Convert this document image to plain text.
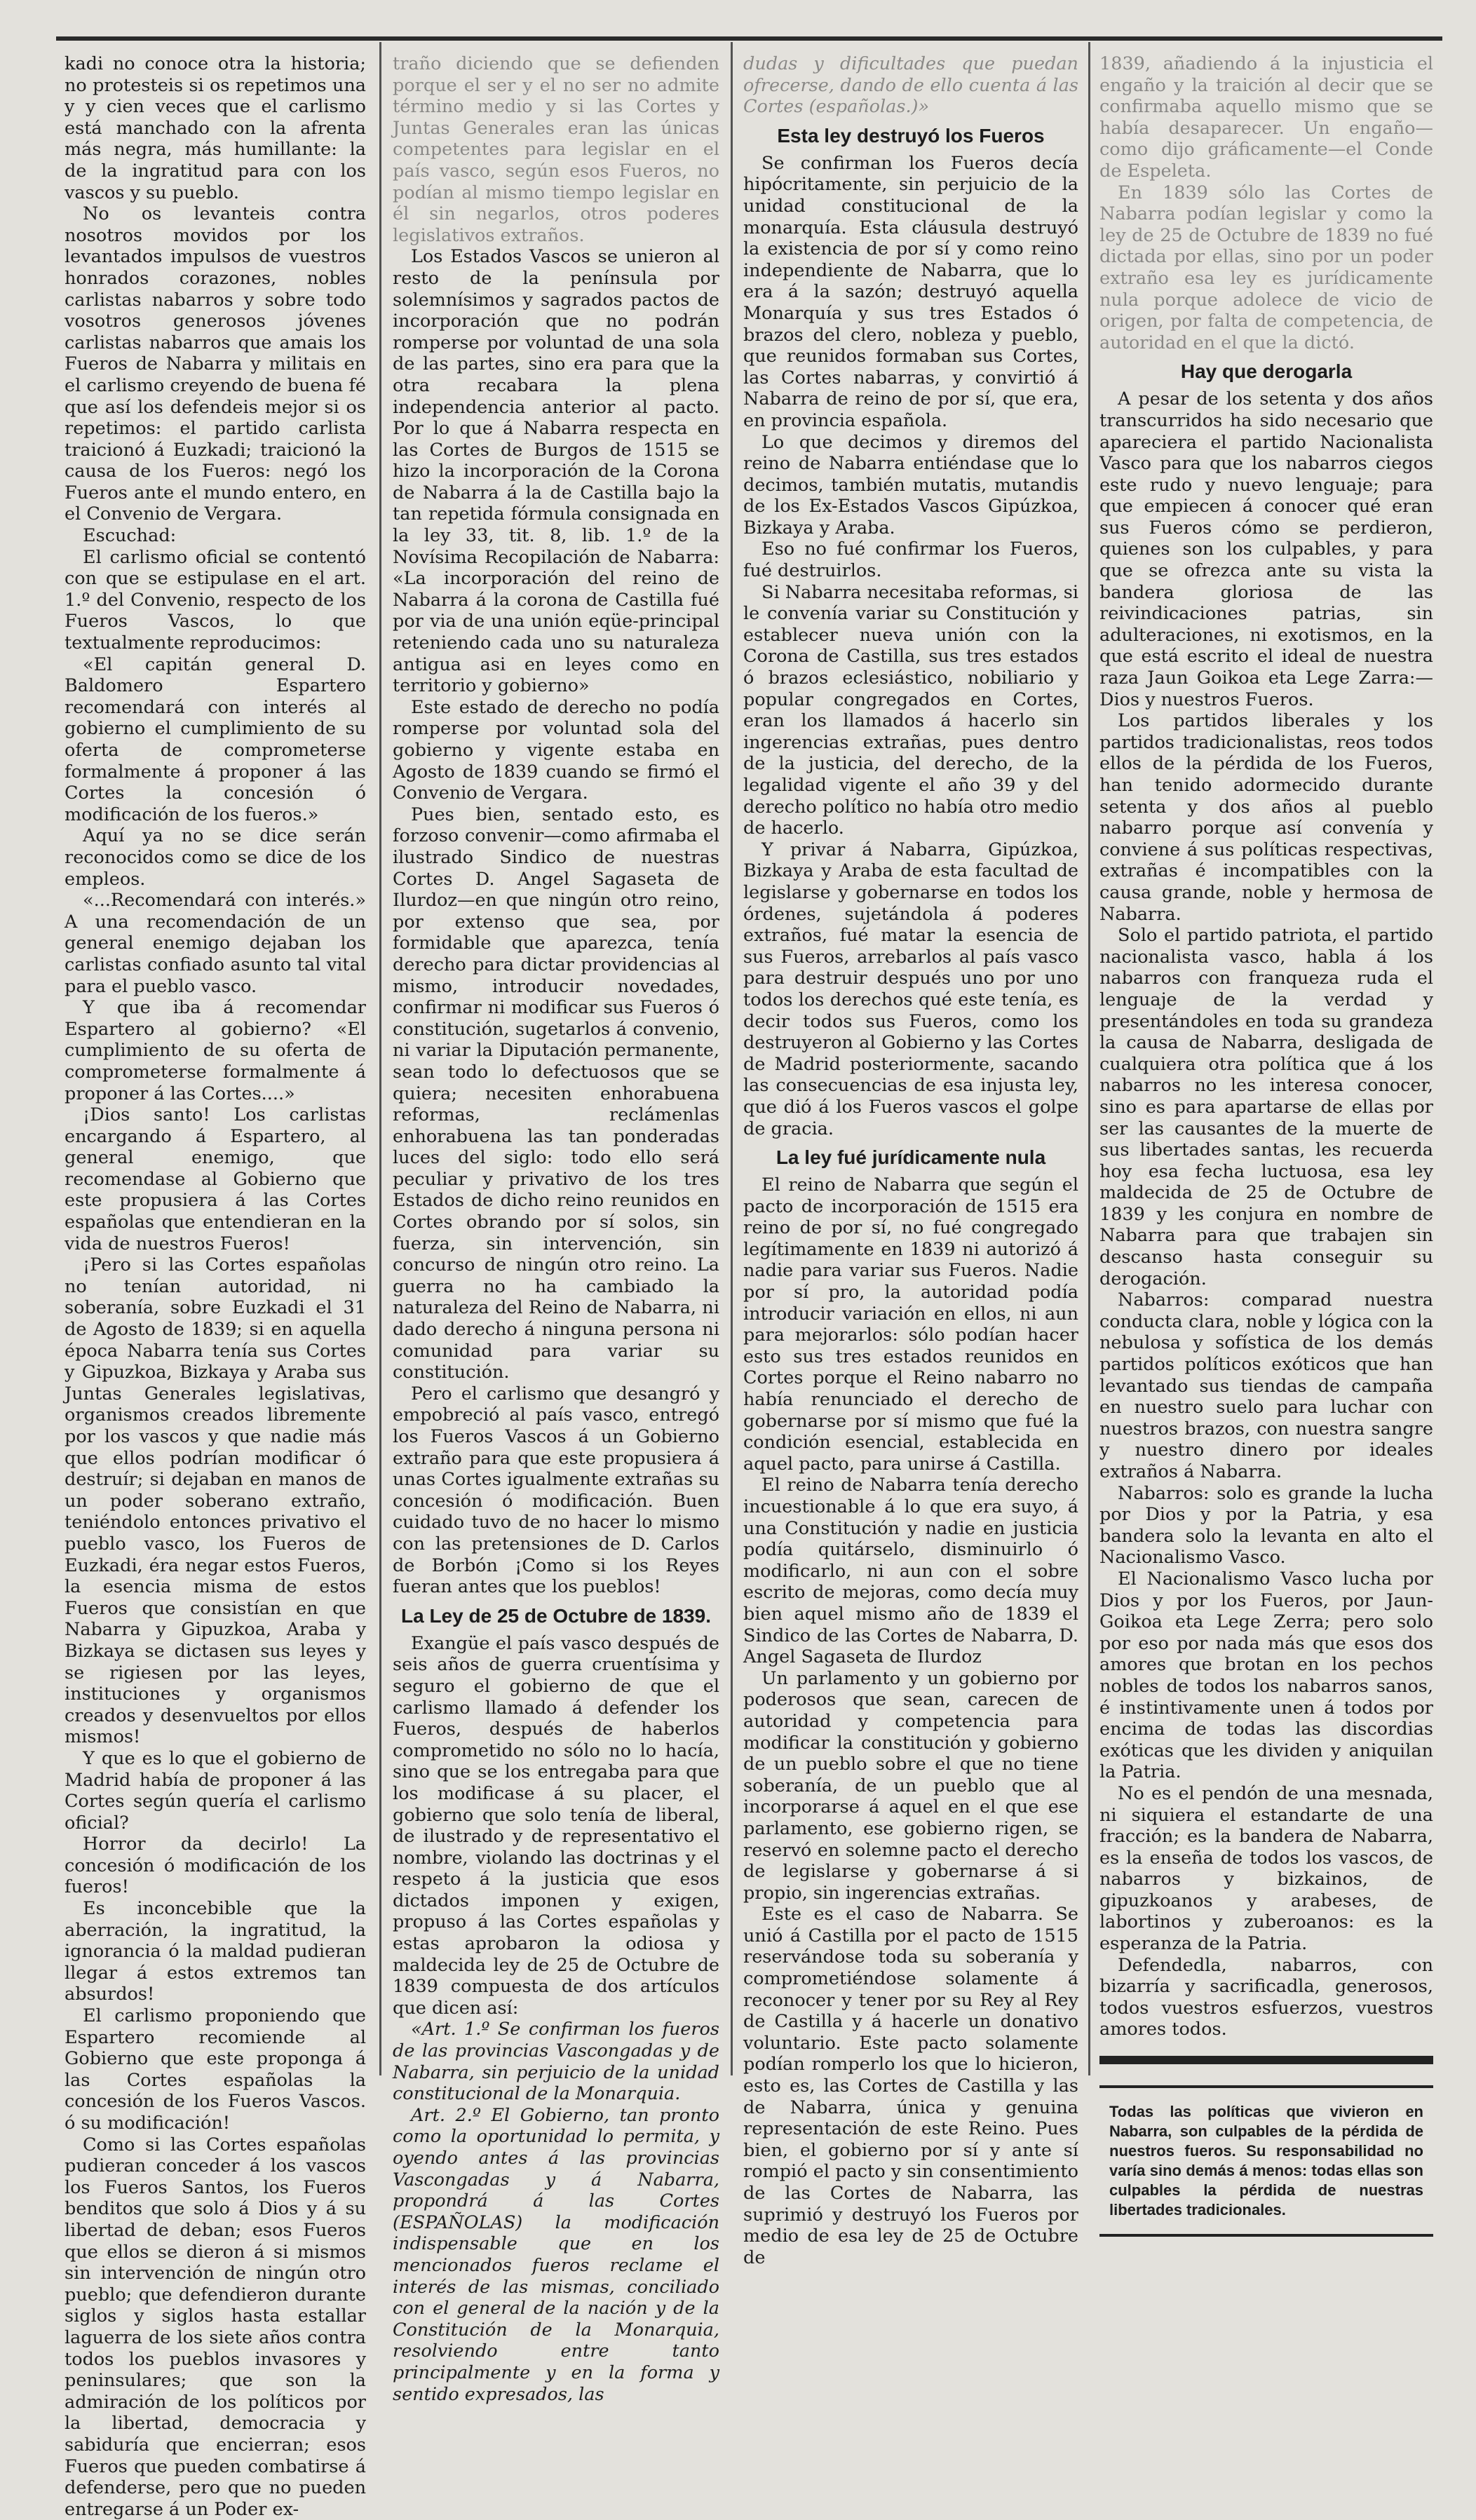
kadi no conoce otra la historia; no protesteis si os repetimos una y y cien veces que el carlismo está manchado con la afrenta más negra, más humillante: la de la ingratitud para con los vascos y su pueblo.

No os levanteis contra nosotros movidos por los levantados impulsos de vuestros honrados corazones, nobles carlistas nabarros y sobre todo vosotros generosos jóvenes carlistas nabarros que amais los Fueros de Nabarra y militais en el carlismo creyendo de buena fé que así los defendeis mejor si os repetimos: el partido carlista traicionó á Euzkadi; traicionó la causa de los Fueros: negó los Fueros ante el mundo entero, en el Convenio de Vergara.

Escuchad:

El carlismo oficial se contentó con que se estipulase en el art. 1.º del Convenio, respecto de los Fueros Vascos, lo que textualmente reproducimos:

«El capitán general D. Baldomero Espartero recomendará con interés al gobierno el cumplimiento de su oferta de comprometerse formalmente á proponer á las Cortes la concesión ó modificación de los fueros.»

Aquí ya no se dice serán reconocidos como se dice de los empleos.

«...Recomendará con interés.» A una recomendación de un general enemigo dejaban los carlistas confiado asunto tal vital para el pueblo vasco.

Y que iba á recomendar Espartero al gobierno? «El cumplimiento de su oferta de comprometerse formalmente á proponer á las Cortes....»

¡Dios santo! Los carlistas encargando á Espartero, al general enemigo, que recomendase al Gobierno que este propusiera á las Cortes españolas que entendieran en la vida de nuestros Fueros!

¡Pero si las Cortes españolas no tenían autoridad, ni soberanía, sobre Euzkadi el 31 de Agosto de 1839; si en aquella época Nabarra tenía sus Cortes y Gipuzkoa, Bizkaya y Araba sus Juntas Generales legislativas, organismos creados libremente por los vascos y que nadie más que ellos podrían modificar ó destruír; si dejaban en manos de un poder soberano extraño, teniéndolo entonces privativo el pueblo vasco, los Fueros de Euzkadi, éra negar estos Fueros, la esencia misma de estos Fueros que consistían en que Nabarra y Gipuzkoa, Araba y Bizkaya se dictasen sus leyes y se rigiesen por las leyes, instituciones y organismos creados y desenvueltos por ellos mismos!

Y que es lo que el gobierno de Madrid había de proponer á las Cortes según quería el carlismo oficial?

Horror da decirlo! La concesión ó modificación de los fueros!

Es inconcebible que la aberración, la ingratitud, la ignorancia ó la maldad pudieran llegar á estos extremos tan absurdos!

El carlismo proponiendo que Espartero recomiende al Gobierno que este proponga á las Cortes españolas la concesión de los Fueros Vascos. ó su modificación!

Como si las Cortes españolas pudieran conceder á los vascos los Fueros Santos, los Fueros benditos que solo á Dios y á su libertad de deban; esos Fueros que ellos se dieron á si mismos sin intervención de ningún otro pueblo; que defendieron durante siglos y siglos hasta estallar laguerra de los siete años contra todos los pueblos invasores y peninsulares; que son la admiración de los políticos por la libertad, democracia y sabiduría que encierran; esos Fueros que pueden combatirse á defenderse, pero que no pueden entregarse á un Poder ex-

traño diciendo que se defienden porque el ser y el no ser no admite término medio y si las Cortes y Juntas Generales eran las únicas competentes para legislar en el país vasco, según esos Fueros, no podían al mismo tiempo legislar en él sin negarlos, otros poderes legislativos extraños.

Los Estados Vascos se unieron al resto de la península por solemnísimos y sagrados pactos de incorporación que no podrán romperse por voluntad de una sola de las partes, sino era para que la otra recabara la plena independencia anterior al pacto. Por lo que á Nabarra respecta en las Cortes de Burgos de 1515 se hizo la incorporación de la Corona de Nabarra á la de Castilla bajo la tan repetida fórmula consignada en la ley 33, tit. 8, lib. 1.º de la Novísima Recopilación de Nabarra: «La incorporación del reino de Nabarra á la corona de Castilla fué por via de una unión eqüe-principal reteniendo cada uno su naturaleza antigua asi en leyes como en territorio y gobierno»

Este estado de derecho no podía romperse por voluntad sola del gobierno y vigente estaba en Agosto de 1839 cuando se firmó el Convenio de Vergara.

Pues bien, sentado esto, es forzoso convenir—como afirmaba el ilustrado Sindico de nuestras Cortes D. Angel Sagaseta de Ilurdoz—en que ningún otro reino, por extenso que sea, por formidable que aparezca, tenía derecho para dictar providencias al mismo, introducir novedades, confirmar ni modificar sus Fueros ó constitución, sugetarlos á convenio, ni variar la Diputación permanente, sean todo lo defectuosos que se quiera; necesiten enhorabuena reformas, reclámenlas enhorabuena las tan ponderadas luces del siglo: todo ello será peculiar y privativo de los tres Estados de dicho reino reunidos en Cortes obrando por sí solos, sin fuerza, sin intervención, sin concurso de ningún otro reino. La guerra no ha cambiado la naturaleza del Reino de Nabarra, ni dado derecho á ninguna persona ni comunidad para variar su constitución.

Pero el carlismo que desangró y empobreció al país vasco, entregó los Fueros Vascos á un Gobierno extraño para que este propusiera á unas Cortes igualmente extrañas su concesión ó modificación. Buen cuidado tuvo de no hacer lo mismo con las pretensiones de D. Carlos de Borbón ¡Como si los Reyes fueran antes que los pueblos!

La Ley de 25 de Octubre de 1839.

Exangüe el país vasco después de seis años de guerra cruentísima y seguro el gobierno de que el carlismo llamado á defender los Fueros, después de haberlos comprometido no sólo no lo hacía, sino que se los entregaba para que los modificase á su placer, el gobierno que solo tenía de liberal, de ilustrado y de representativo el nombre, violando las doctrinas y el respeto á la justicia que esos dictados imponen y exigen, propuso á las Cortes españolas y estas aprobaron la odiosa y maldecida ley de 25 de Octubre de 1839 compuesta de dos artículos que dicen así:

«Art. 1.º Se confirman los fueros de las provincias Vascongadas y de Nabarra, sin perjuicio de la unidad constitucional de la Monarquia.

Art. 2.º El Gobierno, tan pronto como la oportunidad lo permita, y oyendo antes á las provincias Vascongadas y á Nabarra, propondrá á las Cortes (ESPAÑOLAS) la modificación indispensable que en los mencionados fueros reclame el interés de las mismas, conciliado con el general de la nación y de la Constitución de la Monarquia, resolviendo entre tanto principalmente y en la forma y sentido expresados, las

dudas y dificultades que puedan ofrecerse, dando de ello cuenta á las Cortes (españolas.)»

Esta ley destruyó los Fueros

Se confirman los Fueros decía hipócritamente, sin perjuicio de la unidad constitucional de la monarquía. Esta cláusula destruyó la existencia de por sí y como reino independiente de Nabarra, que lo era á la sazón; destruyó aquella Monarquía y sus tres Estados ó brazos del clero, nobleza y pueblo, que reunidos formaban sus Cortes, las Cortes nabarras, y convirtió á Nabarra de reino de por sí, que era, en provincia española.

Lo que decimos y diremos del reino de Nabarra entiéndase que lo decimos, también mutatis, mutandis de los Ex-Estados Vascos Gipúzkoa, Bizkaya y Araba.

Eso no fué confirmar los Fueros, fué destruirlos.

Si Nabarra necesitaba reformas, si le convenía variar su Constitución y establecer nueva unión con la Corona de Castilla, sus tres estados ó brazos eclesiástico, nobiliario y popular congregados en Cortes, eran los llamados á hacerlo sin ingerencias extrañas, pues dentro de la justicia, del derecho, de la legalidad vigente el año 39 y del derecho político no había otro medio de hacerlo.

Y privar á Nabarra, Gipúzkoa, Bizkaya y Araba de esta facultad de legislarse y gobernarse en todos los órdenes, sujetándola á poderes extraños, fué matar la esencia de sus Fueros, arrebarlos al país vasco para destruir después uno por uno todos los derechos qué este tenía, es decir todos sus Fueros, como los destruyeron al Gobierno y las Cortes de Madrid posteriormente, sacando las consecuencias de esa injusta ley, que dió á los Fueros vascos el golpe de gracia.

La ley fué jurídicamente nula

El reino de Nabarra que según el pacto de incorporación de 1515 era reino de por sí, no fué congregado legítimamente en 1839 ni autorizó á nadie para variar sus Fueros. Nadie por sí pro, la autoridad podía introducir variación en ellos, ni aun para mejorarlos: sólo podían hacer esto sus tres estados reunidos en Cortes porque el Reino nabarro no había renunciado el derecho de gobernarse por sí mismo que fué la condición esencial, establecida en aquel pacto, para unirse á Castilla.

El reino de Nabarra tenía derecho incuestionable á lo que era suyo, á una Constitución y nadie en justicia podía quitárselo, disminuirlo ó modificarlo, ni aun con el sobre escrito de mejoras, como decía muy bien aquel mismo año de 1839 el Sindico de las Cortes de Nabarra, D. Angel Sagaseta de Ilurdoz

Un parlamento y un gobierno por poderosos que sean, carecen de autoridad y competencia para modificar la constitución y gobierno de un pueblo sobre el que no tiene soberanía, de un pueblo que al incorporarse á aquel en el que ese parlamento, ese gobierno rigen, se reservó en solemne pacto el derecho de legislarse y gobernarse á si propio, sin ingerencias extrañas.

Este es el caso de Nabarra. Se unió á Castilla por el pacto de 1515 reservándose toda su soberanía y comprometiéndose solamente á reconocer y tener por su Rey al Rey de Castilla y á hacerle un donativo voluntario. Este pacto solamente podían romperlo los que lo hicieron, esto es, las Cortes de Castilla y las de Nabarra, única y genuina representación de este Reino. Pues bien, el gobierno por sí y ante sí rompió el pacto y sin consentimiento de las Cortes de Nabarra, las suprimió y destruyó los Fueros por medio de esa ley de 25 de Octubre de

1839, añadiendo á la injusticia el engaño y la traición al decir que se confirmaba aquello mismo que se había desaparecer. Un engaño—como dijo gráficamente—el Conde de Espeleta.

En 1839 sólo las Cortes de Nabarra podían legislar y como la ley de 25 de Octubre de 1839 no fué dictada por ellas, sino por un poder extraño esa ley es jurídicamente nula porque adolece de vicio de origen, por falta de competencia, de autoridad en el que la dictó.

Hay que derogarla

A pesar de los setenta y dos años transcurridos ha sido necesario que apareciera el partido Nacionalista Vasco para que los nabarros ciegos este rudo y nuevo lenguaje; para que empiecen á conocer qué eran sus Fueros cómo se perdieron, quienes son los culpables, y para que se ofrezca ante su vista la bandera gloriosa de las reivindicaciones patrias, sin adulteraciones, ni exotismos, en la que está escrito el ideal de nuestra raza Jaun Goikoa eta Lege Zarra:—Dios y nuestros Fueros.

Los partidos liberales y los partidos tradicionalistas, reos todos ellos de la pérdida de los Fueros, han tenido adormecido durante setenta y dos años al pueblo nabarro porque así convenía y conviene á sus políticas respectivas, extrañas é incompatibles con la causa grande, noble y hermosa de Nabarra.

Solo el partido patriota, el partido nacionalista vasco, habla á los nabarros con franqueza ruda el lenguaje de la verdad y presentándoles en toda su grandeza la causa de Nabarra, desligada de cualquiera otra política que á los nabarros no les interesa conocer, sino es para apartarse de ellas por ser las causantes de la muerte de sus libertades santas, les recuerda hoy esa fecha luctuosa, esa ley maldecida de 25 de Octubre de 1839 y les conjura en nombre de Nabarra para que trabajen sin descanso hasta conseguir su derogación.

Nabarros: comparad nuestra conducta clara, noble y lógica con la nebulosa y sofística de los demás partidos políticos exóticos que han levantado sus tiendas de campaña en nuestro suelo para luchar con nuestros brazos, con nuestra sangre y nuestro dinero por ideales extraños á Nabarra.

Nabarros: solo es grande la lucha por Dios y por la Patria, y esa bandera solo la levanta en alto el Nacionalismo Vasco.

El Nacionalismo Vasco lucha por Dios y por los Fueros, por Jaun-Goikoa eta Lege Zerra; pero solo por eso por nada más que esos dos amores que brotan en los pechos nobles de todos los nabarros sanos, é instintivamente unen á todos por encima de todas las discordias exóticas que les dividen y aniquilan la Patria.

No es el pendón de una mesnada, ni siquiera el estandarte de una fracción; es la bandera de Nabarra, es la enseña de todos los vascos, de nabarros y bizkainos, de gipuzkoanos y arabeses, de labortinos y zuberoanos: es la esperanza de la Patria.

Defendedla, nabarros, con bizarría y sacrificadla, generosos, todos vuestros esfuerzos, vuestros amores todos.

Todas las políticas que vivieron en Nabarra, son culpables de la pérdida de nuestros fueros. Su responsabilidad no varía sino demás á menos: todas ellas son culpables la pérdida de nuestras libertades tradicionales.
